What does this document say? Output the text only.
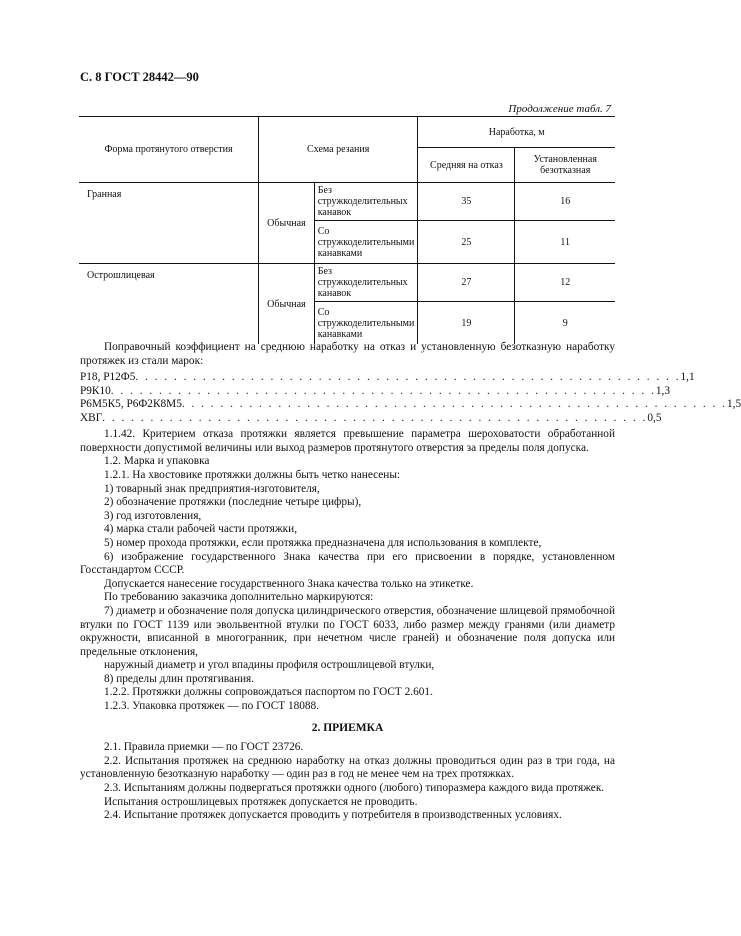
С. 8 ГОСТ 28442—90
Продолжение табл. 7
Форма протянутого отверстия	Схема резания		Наработка, м	
			Средняя на отказ	Установленная безотказная
Гранная	Обычная	Без стружкоделительных канавок	35	16
		Со стружкоделительными канавками	25	11
Острошлицевая	Обычная	Без стружкоделительных канавок	27	12
		Со стружкоделительными канавками	19	9

Поправочный коэффициент на среднюю наработку на отказ и установленную безотказную наработку протяжек из стали марок:

Р18, Р12Ф5 . . . . . . . . . . . . . . . . . . . . . . . . . . . . . . . . . . . . . . . . . . . . . . . . . . . . . . . . . 1,1
Р9К10 . . . . . . . . . . . . . . . . . . . . . . . . . . . . . . . . . . . . . . . . . . . . . . . . . . . . . . . . . 1,3
Р6М5К5, Р6Ф2К8М5 . . . . . . . . . . . . . . . . . . . . . . . . . . . . . . . . . . . . . . . . . . . . . . . . . . . . . . . . . 1,5
ХВГ . . . . . . . . . . . . . . . . . . . . . . . . . . . . . . . . . . . . . . . . . . . . . . . . . . . . . . . . . 0,5

1.1.42. Критерием отказа протяжки является превышение параметра шероховатости обработанной поверхности допустимой величины или выход размеров протянутого отверстия за пределы поля допуска.

1.2. Марка и упаковка

1.2.1. На хвостовике протяжки должны быть четко нанесены:

1) товарный знак предприятия-изготовителя,

2) обозначение протяжки (последние четыре цифры),

3) год изготовления,

4) марка стали рабочей части протяжки,

5) номер прохода протяжки, если протяжка предназначена для использования в комплекте,

6) изображение государственного Знака качества при его присвоении в порядке, установленном Госстандартом СССР.

Допускается нанесение государственного Знака качества только на этикетке.

По требованию заказчика дополнительно маркируются:

7) диаметр и обозначение поля допуска цилиндрического отверстия, обозначение шлицевой прямобочной втулки по ГОСТ 1139 или эвольвентной втулки по ГОСТ 6033, либо размер между гранями (или диаметр окружности, вписанной в многогранник, при нечетном числе граней) и обозначение поля допуска или предельные отклонения,

наружный диаметр и угол впадины профиля острошлицевой втулки,

8) пределы длин протягивания.

1.2.2. Протяжки должны сопровождаться паспортом по ГОСТ 2.601.

1.2.3. Упаковка протяжек — по ГОСТ 18088.

2. ПРИЕМКА

2.1. Правила приемки — по ГОСТ 23726.

2.2. Испытания протяжек на среднюю наработку на отказ должны проводиться один раз в три года, на установленную безотказную наработку — один раз в год не менее чем на трех протяжках.

2.3. Испытаниям должны подвергаться протяжки одного (любого) типоразмера каждого вида протяжек.

Испытания острошлицевых протяжек допускается не проводить.

2.4. Испытание протяжек допускается проводить у потребителя в производственных условиях.
